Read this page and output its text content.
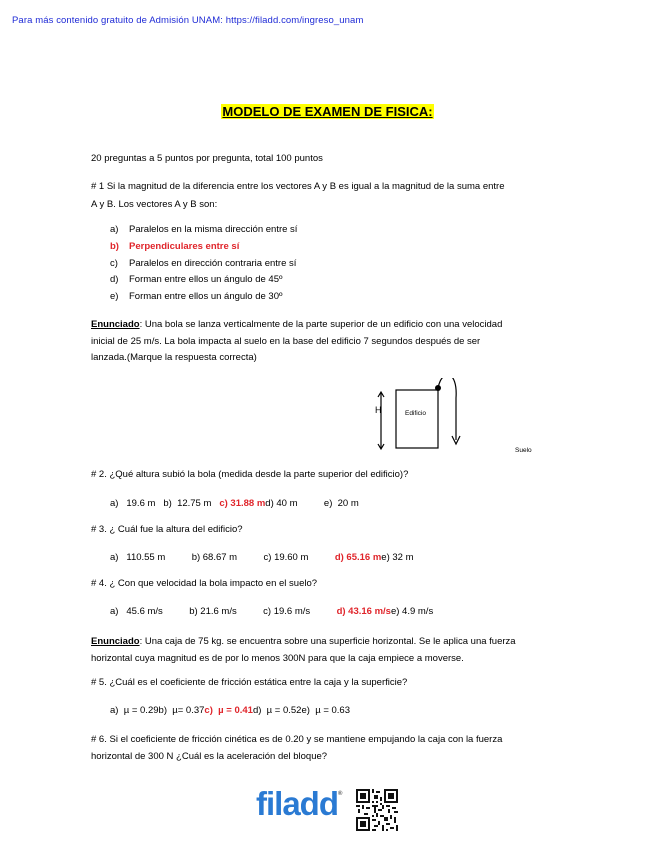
Para más contenido gratuito de Admisión UNAM: https://filadd.com/ingreso_unam
MODELO DE EXAMEN DE FISICA:
20 preguntas a 5 puntos por pregunta, total 100 puntos
# 1 Si la magnitud de la diferencia entre los vectores A y B es igual a la magnitud de la suma entre
A y B. Los vectores A y B son:
a) Paralelos en la misma dirección entre sí
b) Perpendiculares entre sí
c) Paralelos en dirección contraria entre sí
d) Forman entre ellos un ángulo de 45º
e) Forman entre ellos un ángulo de 30º
Enunciado: Una bola se lanza verticalmente de la parte superior de un edificio con una velocidad
inicial de 25 m/s. La bola impacta al suelo en la base del edificio 7 segundos después de ser
lanzada.(Marque la respuesta correcta)
H	Edificio
Suelo
# 2. ¿Qué altura subió la bola (medida desde la parte superior del edificio)?
a)   19.6 m b)  12.75 m c) 31.88 md) 40 m	e)  20 m
# 3. ¿ Cuál fue la altura del edificio?
a)   110.55 m	b) 68.67 m	c) 19.60 m	d) 65.16 me) 32 m
# 4. ¿ Con que velocidad la bola impacto en el suelo?
a)   45.6 m/s	b) 21.6 m/s	c) 19.6 m/s	d) 43.16 m/se) 4.9 m/s
Enunciado: Una caja de 75 kg. se encuentra sobre una superficie horizontal. Se le aplica una fuerza
horizontal cuya magnitud es de por lo menos 300N para que la caja empiece a moverse.
# 5. ¿Cuál es el coeficiente de fricción estática entre la caja y la superficie?
a)  µ = 0.29b)  µ= 0.37c)  µ = 0.41d)  µ = 0.52e)  µ = 0.63
# 6. Si el coeficiente de fricción cinética es de 0.20 y se mantiene empujando la caja con la fuerza
horizontal de 300 N ¿Cuál es la aceleración del bloque?
filadd®
